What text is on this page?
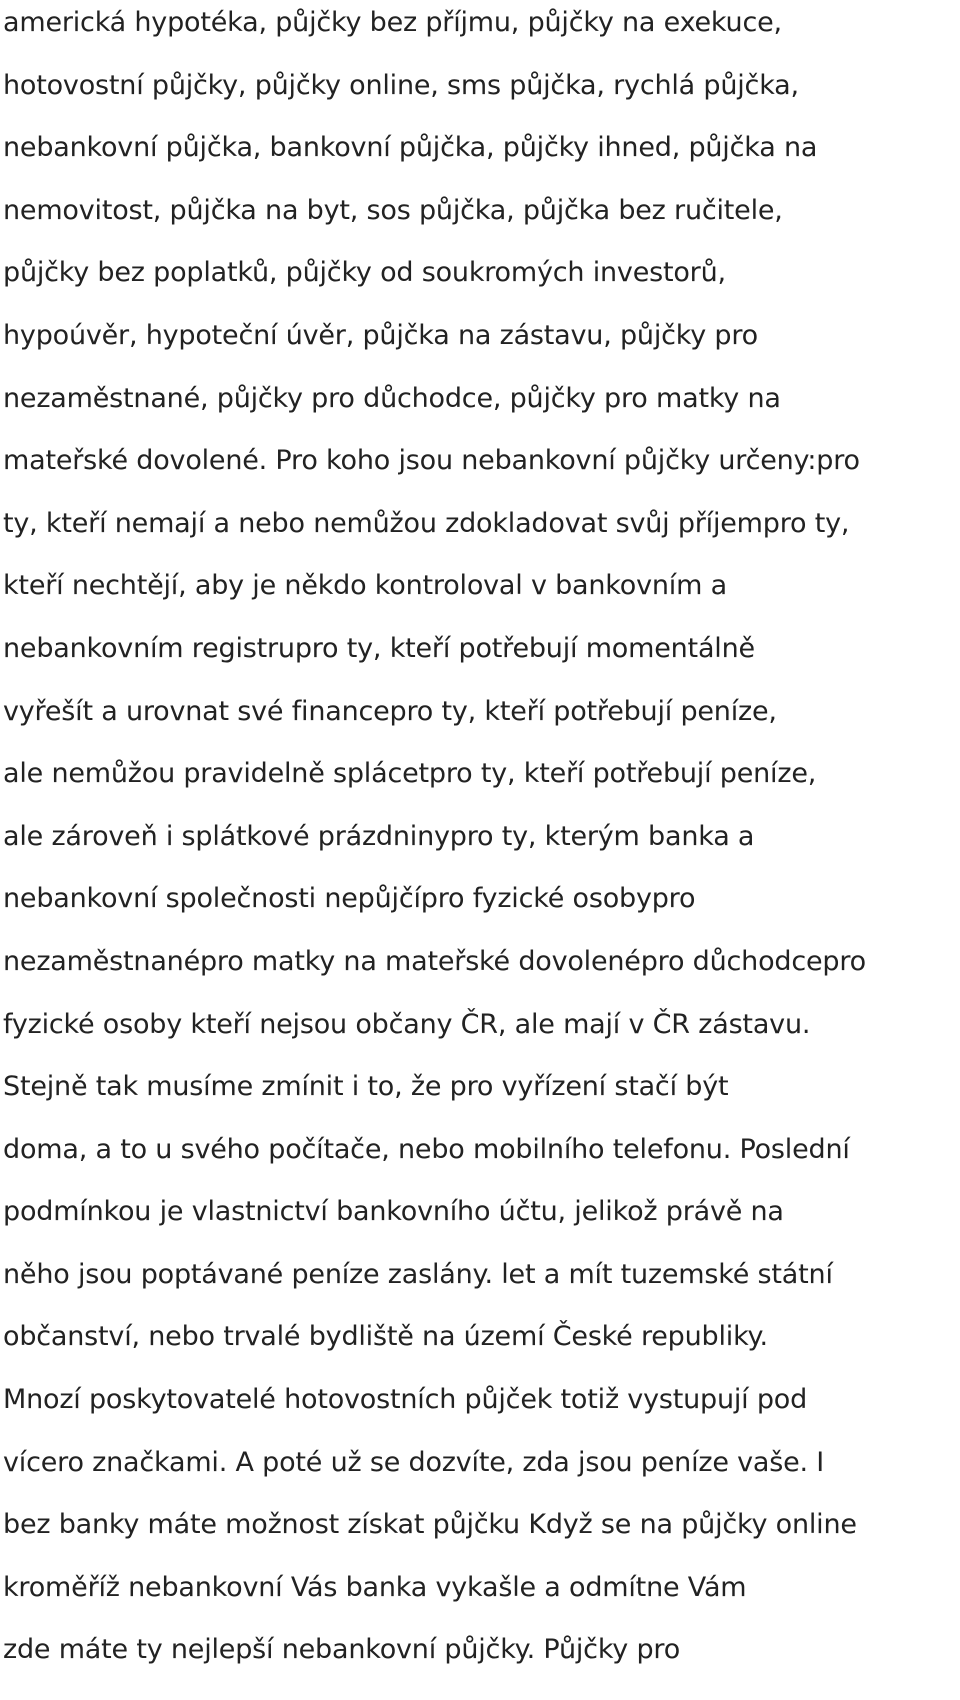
americká hypotéka, půjčky bez příjmu, půjčky na exekuce,
hotovostní půjčky, půjčky online, sms půjčka, rychlá půjčka,
nebankovní půjčka, bankovní půjčka, půjčky ihned, půjčka na
nemovitost, půjčka na byt, sos půjčka, půjčka bez ručitele,
půjčky bez poplatků, půjčky od soukromých investorů,
hypoúvěr, hypoteční úvěr, půjčka na zástavu, půjčky pro
nezaměstnané, půjčky pro důchodce, půjčky pro matky na
mateřské dovolené. Pro koho jsou nebankovní půjčky určeny:pro
ty, kteří nemají a nebo nemůžou zdokladovat svůj příjempro ty,
kteří nechtějí, aby je někdo kontroloval v bankovním a
nebankovním registrupro ty, kteří potřebují momentálně
vyřešít a urovnat své financepro ty, kteří potřebují peníze,
ale nemůžou pravidelně splácetpro ty, kteří potřebují peníze,
ale zároveň i splátkové prázdninypro ty, kterým banka a
nebankovní společnosti nepůjčípro fyzické osobypro
nezaměstnanépro matky na mateřské dovolenépro důchodcepro
fyzické osoby kteří nejsou občany ČR, ale mají v ČR zástavu.
Stejně tak musíme zmínit i to, že pro vyřízení stačí být
doma, a to u svého počítače, nebo mobilního telefonu. Poslední
podmínkou je vlastnictví bankovního účtu, jelikož právě na
něho jsou poptávané peníze zaslány. let a mít tuzemské státní
občanství, nebo trvalé bydliště na území České republiky.
Mnozí poskytovatelé hotovostních půjček totiž vystupují pod
vícero značkami. A poté už se dozvíte, zda jsou peníze vaše. I
bez banky máte možnost získat půjčku Když se na půjčky online
kroměříž nebankovní Vás banka vykašle a odmítne Vám
zde máte ty nejlepší nebankovní půjčky. Půjčky pro
